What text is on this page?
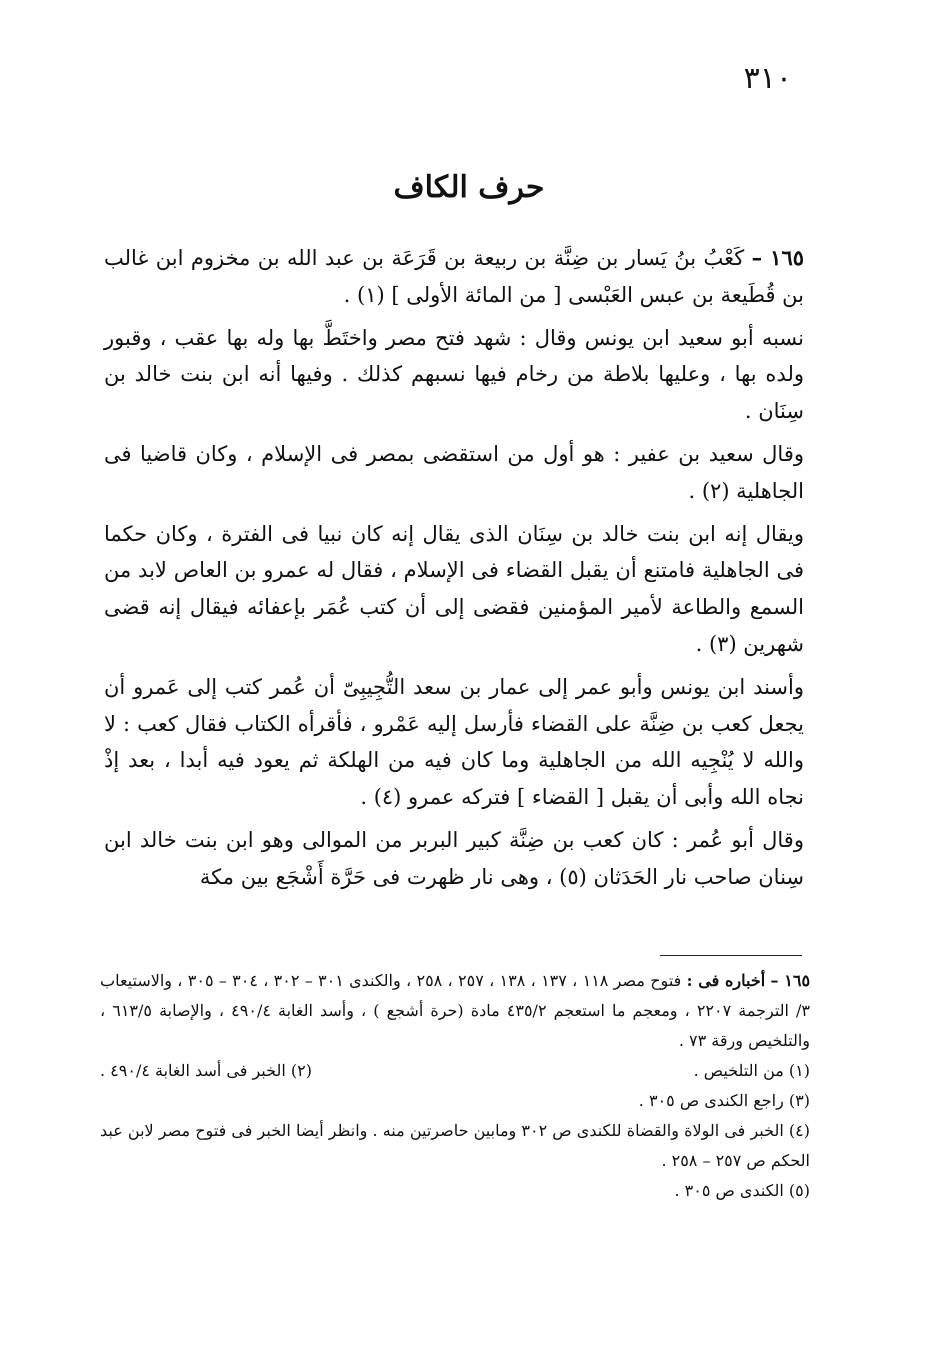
٣١٠
حرف الكاف

١٦٥ – كَعْبُ بنُ يَسار بن ضِنَّة بن ربيعة بن قَرَعَة بن عبد الله بن مخزوم ابن غالب بن قُطَيعة بن عبس العَبْسى [ من المائة الأولى ] (١) .

نسبه أبو سعيد ابن يونس وقال : شهد فتح مصر واختَطَّ بها وله بها عقب ، وقبور ولده بها ، وعليها بلاطة من رخام فيها نسبهم كذلك . وفيها أنه ابن بنت خالد بن سِنَان .

وقال سعيد بن عفير : هو أول من استقضى بمصر فى الإسلام ، وكان قاضيا فى الجاهلية (٢) .

ويقال إنه ابن بنت خالد بن سِنَان الذى يقال إنه كان نبيا فى الفترة ، وكان حكما فى الجاهلية فامتنع أن يقبل القضاء فى الإسلام ، فقال له عمرو بن العاص لابد من السمع والطاعة لأمير المؤمنين فقضى إلى أن كتب عُمَر بإعفائه فيقال إنه قضى شهرين (٣) .

وأسند ابن يونس وأبو عمر إلى عمار بن سعد التُّجِيبِىّ أن عُمر كتب إلى عَمرو أن يجعل كعب بن ضِنَّة على القضاء فأرسل إليه عَمْرو ، فأقرأه الكتاب فقال كعب : لا والله لا يُنْجِيه الله من الجاهلية وما كان فيه من الهلكة ثم يعود فيه أبدا ، بعد إذْ نجاه الله وأبى أن يقبل [ القضاء ] فتركه عمرو (٤) .

وقال أبو عُمر : كان كعب بن ضِنَّة كبير البربر من الموالى وهو ابن بنت خالد ابن سِنان صاحب نار الحَدَثان (٥) ، وهى نار ظهرت فى حَرَّة أَشْجَع بين مكة

١٦٥ – أخباره فى : فتوح مصر ١١٨ ، ١٣٧ ، ١٣٨ ، ٢٥٧ ، ٢٥٨ ، والكندى ٣٠١ – ٣٠٢ ، ٣٠٤ – ٣٠٥ ، والاستيعاب ٣/ الترجمة ٢٢٠٧ ، ومعجم ما استعجم ٤٣٥/٢ مادة (حرة أشجع ) ، وأسد الغابة ٤٩٠/٤ ، والإصابة ٦١٣/٥ ، والتلخيص ورقة ٧٣ .

(١) من التلخيص .
(٢) الخبر فى أسد الغابة ٤٩٠/٤ .

(٣) راجع الكندى ص ٣٠٥ .

(٤) الخبر فى الولاة والقضاة للكندى ص ٣٠٢ ومابين حاصرتين منه . وانظر أيضا الخبر فى فتوح مصر لابن عبد الحكم ص ٢٥٧ – ٢٥٨ .

(٥) الكندى ص ٣٠٥ .
